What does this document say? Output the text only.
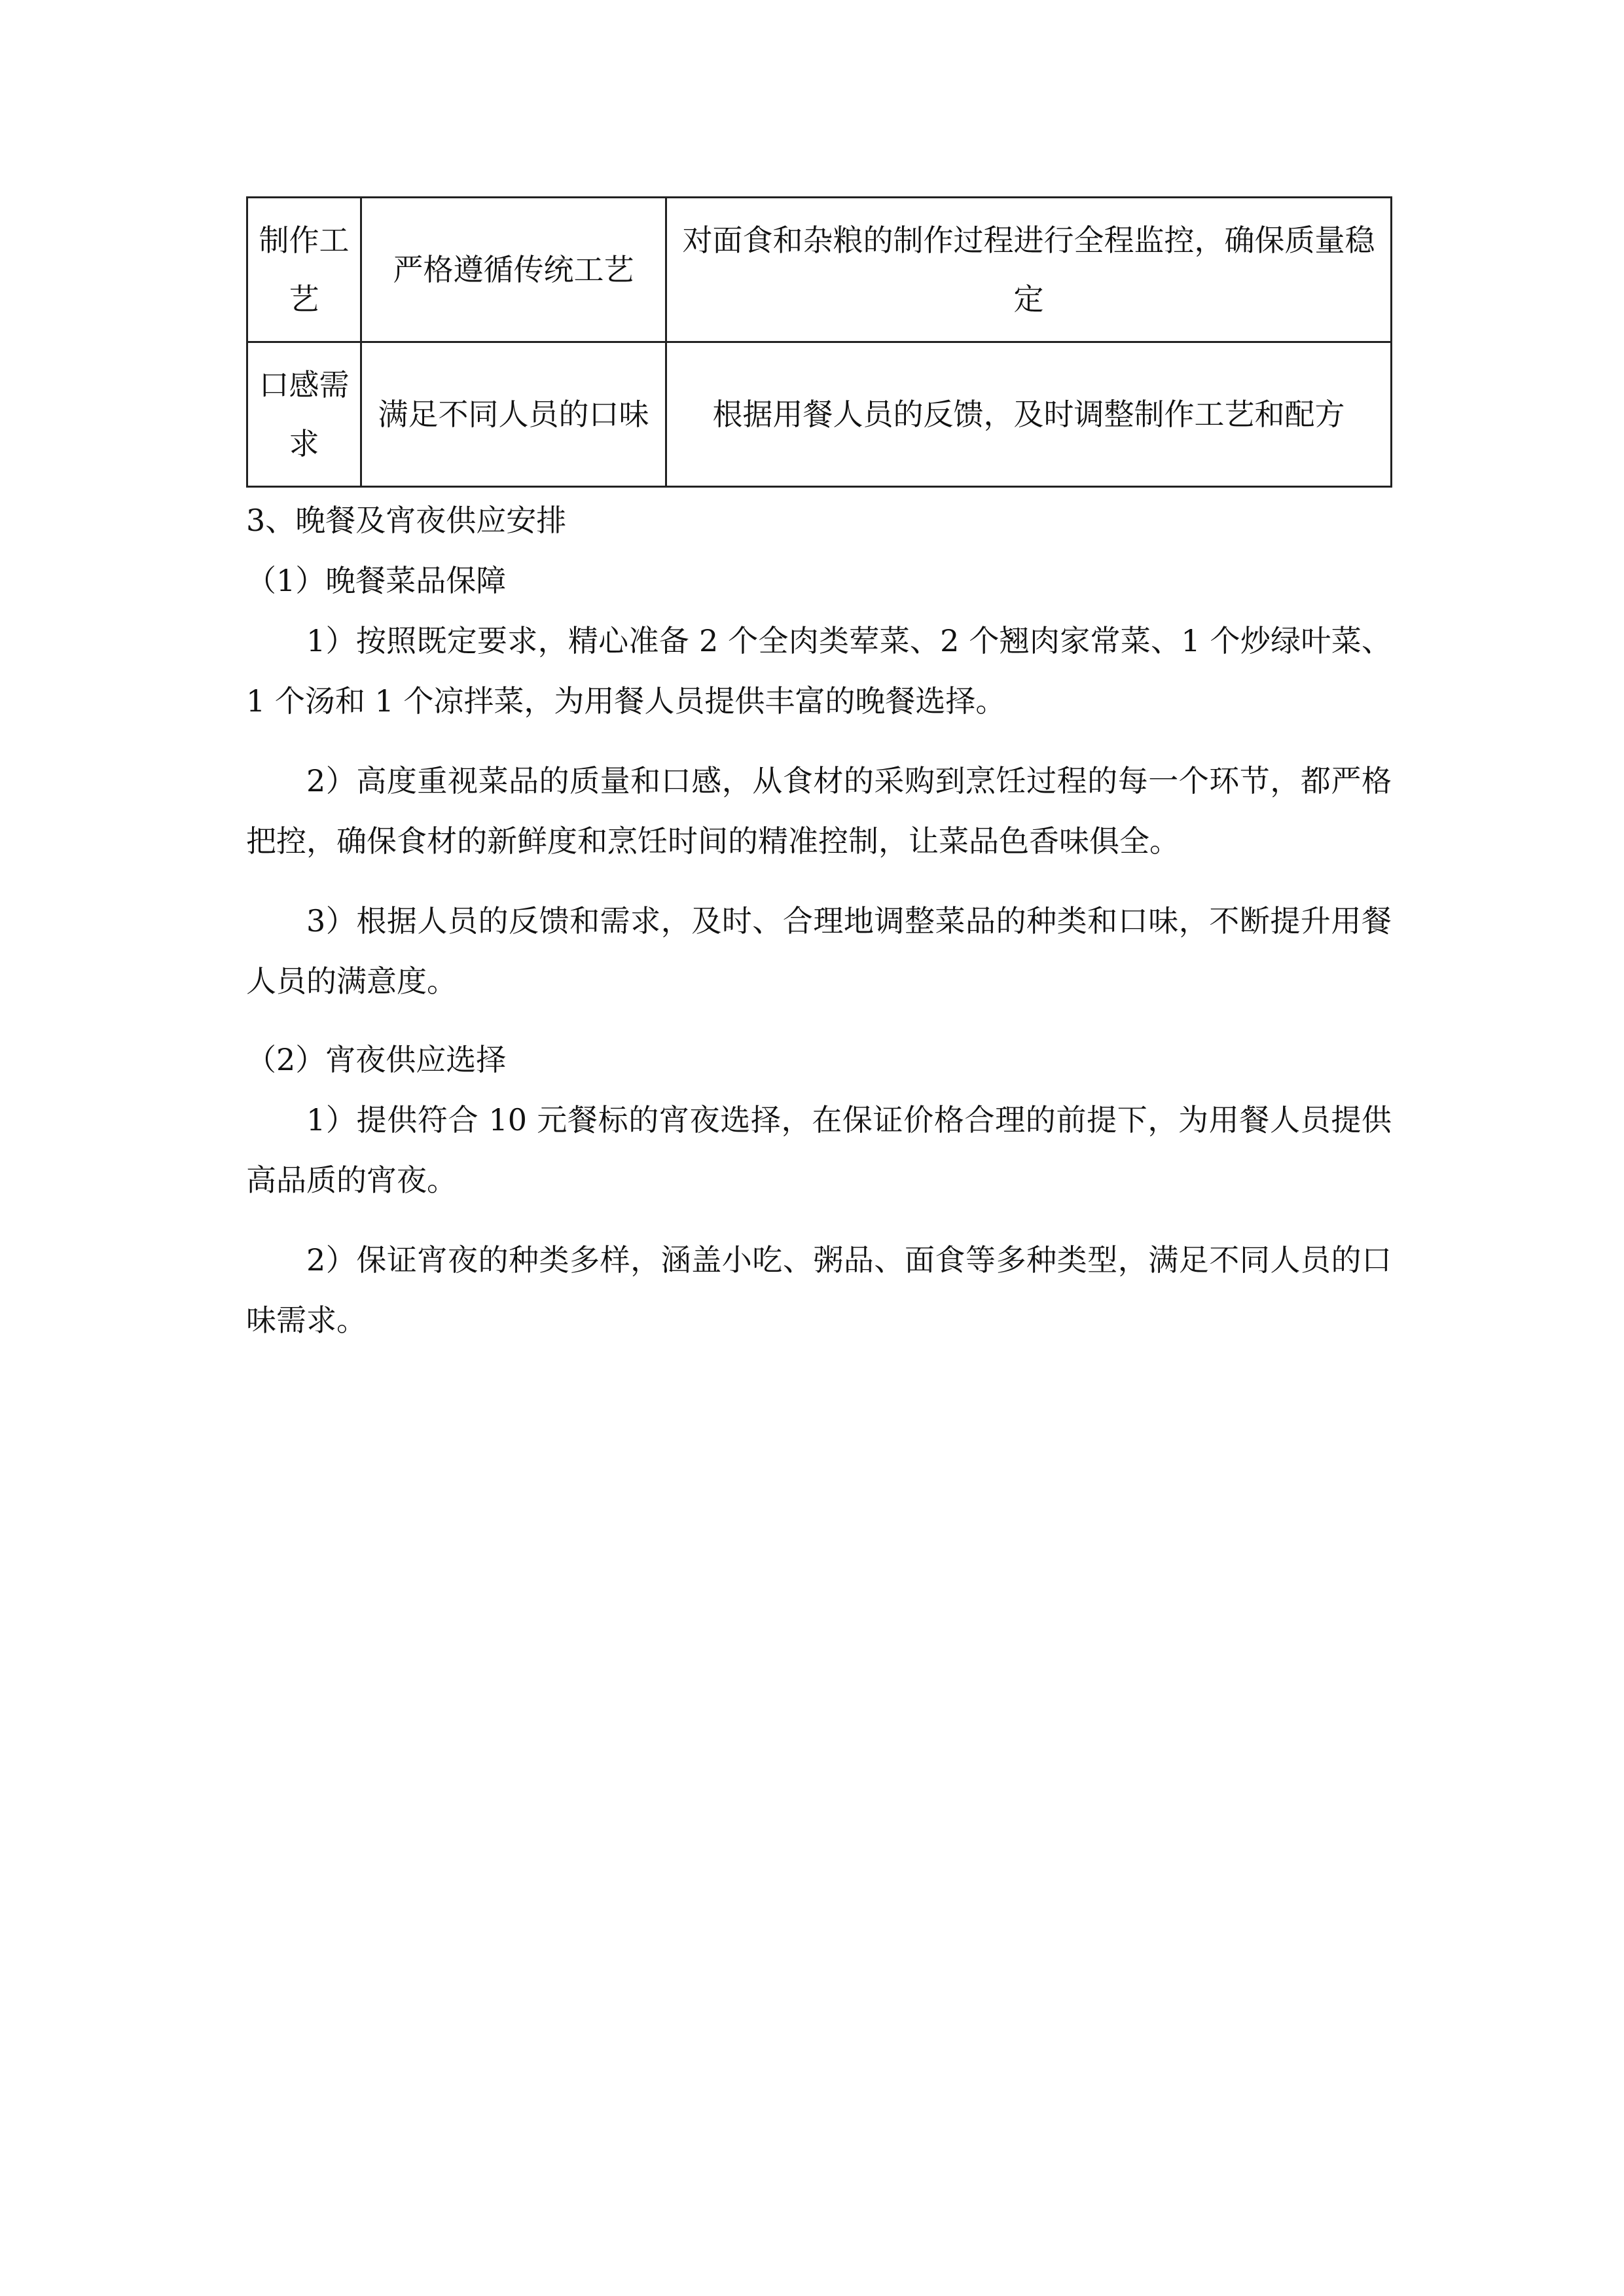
制作工艺	严格遵循传统工艺	对面食和杂粮的制作过程进行全程监控，确保质量稳定
口感需求	满足不同人员的口味	根据用餐人员的反馈，及时调整制作工艺和配方

3、晚餐及宵夜供应安排

（1）晚餐菜品保障

1）按照既定要求，精心准备 2 个全肉类荤菜、2 个翘肉家常菜、1 个炒绿叶菜、1 个汤和 1 个凉拌菜，为用餐人员提供丰富的晚餐选择。

2）高度重视菜品的质量和口感，从食材的采购到烹饪过程的每一个环节，都严格把控，确保食材的新鲜度和烹饪时间的精准控制，让菜品色香味俱全。

3）根据人员的反馈和需求，及时、合理地调整菜品的种类和口味，不断提升用餐人员的满意度。

（2）宵夜供应选择

1）提供符合 10 元餐标的宵夜选择，在保证价格合理的前提下，为用餐人员提供高品质的宵夜。

2）保证宵夜的种类多样，涵盖小吃、粥品、面食等多种类型，满足不同人员的口味需求。
